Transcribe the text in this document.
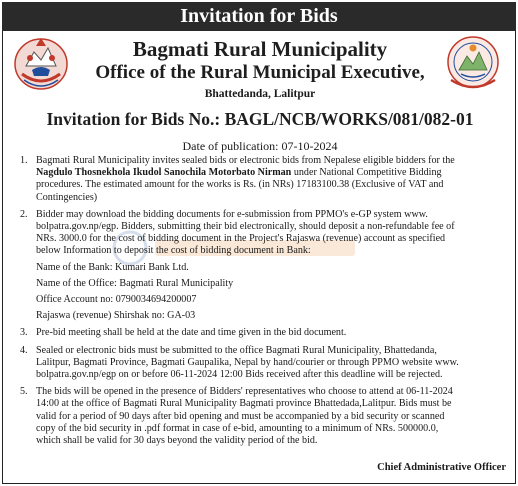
Invitation for Bids
Bagmati Rural Municipality
Office of the Rural Municipal Executive,
Bhattedanda, Lalitpur
Invitation for Bids No.: BAGL/NCB/WORKS/081/082-01
Date of publication: 07-10-2024
1. Bagmati Rural Municipality invites sealed bids or electronic bids from Nepalese eligible bidders for the
Nagdulo Thosnekhola Ikudol Sanochila Motorbato Nirman under National Competitive Bidding
procedures. The estimated amount for the works is Rs. (in NRs) 17183100.38 (Exclusive of VAT and
Contingencies)
2. Bidder may download the bidding documents for e-submission from PPMO's e-GP system www.
bolpatra.gov.np/egp. Bidders, submitting their bid electronically, should deposit a non-refundable fee of
NRs. 3000.0 for the cost of bidding document in the Project's Rajaswa (revenue) account as specified
below Information to deposit the cost of bidding document in Bank:
Name of the Bank: Kumari Bank Ltd.
Name of the Office: Bagmati Rural Municipality
Office Account no: 0790034694200007
Rajaswa (revenue) Shirshak no: GA-03
3. Pre-bid meeting shall be held at the date and time given in the bid document.
4. Sealed or electronic bids must be submitted to the office Bagmati Rural Municipality, Bhattedanda,
Lalitpur, Bagmati Province, Bagmati Gaupalika, Nepal by hand/courier or through PPMO website www.
bolpatra.gov.np/egp on or before 06-11-2024 12:00 Bids received after this deadline will be rejected.
5. The bids will be opened in the presence of Bidders' representatives who choose to attend at 06-11-2024
14:00 at the office of Bagmati Rural Municipality Bagmati province Bhattedada,Lalitpur. Bids must be
valid for a period of 90 days after bid opening and must be accompanied by a bid security or scanned
copy of the bid security in .pdf format in case of e-bid, amounting to a minimum of NRs. 500000.0,
which shall be valid for 30 days beyond the validity period of the bid.
Chief Administrative Officer
